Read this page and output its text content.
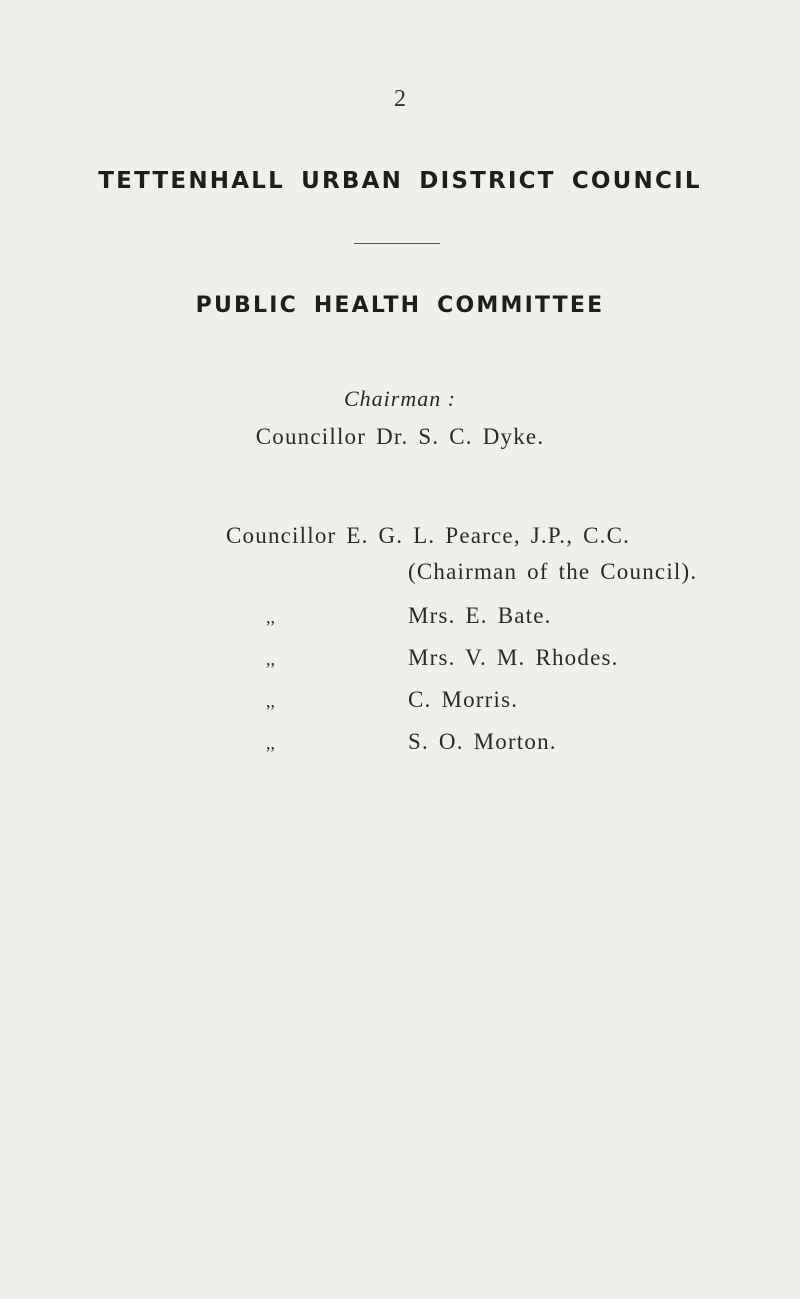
2
TETTENHALL URBAN DISTRICT COUNCIL
PUBLIC HEALTH COMMITTEE
Chairman :
Councillor Dr. S. C. Dyke.
Councillor E. G. L. Pearce, J.P., C.C.
(Chairman of the Council).
,,	Mrs. E. Bate.
,,	Mrs. V. M. Rhodes.
,,	C. Morris.
,,	S. O. Morton.
